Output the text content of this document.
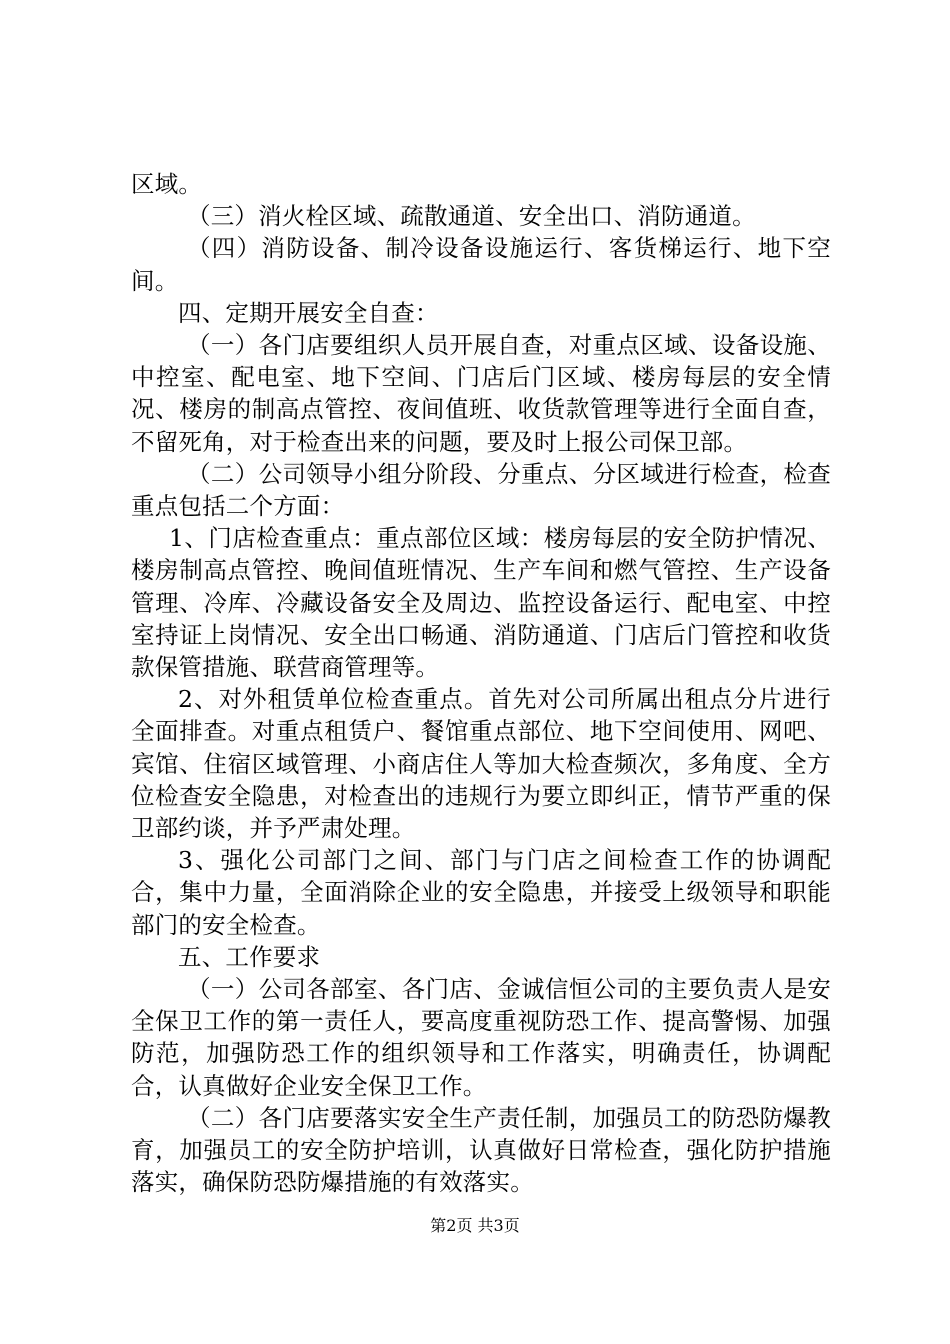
区域。

（三）消火栓区域、疏散通道、安全出口、消防通道。

（四）消防设备、制冷设备设施运行、客货梯运行、地下空间。

四、定期开展安全自查：

（一）各门店要组织人员开展自查，对重点区域、设备设施、中控室、配电室、地下空间、门店后门区域、楼房每层的安全情况、楼房的制高点管控、夜间值班、收货款管理等进行全面自查，不留死角，对于检查出来的问题，要及时上报公司保卫部。

（二）公司领导小组分阶段、分重点、分区域进行检查，检查重点包括二个方面：

1、门店检查重点：重点部位区域：楼房每层的安全防护情况、楼房制高点管控、晚间值班情况、生产车间和燃气管控、生产设备管理、冷库、冷藏设备安全及周边、监控设备运行、配电室、中控室持证上岗情况、安全出口畅通、消防通道、门店后门管控和收货款保管措施、联营商管理等。

2、对外租赁单位检查重点。首先对公司所属出租点分片进行全面排查。对重点租赁户、餐馆重点部位、地下空间使用、网吧、宾馆、住宿区域管理、小商店住人等加大检查频次，多角度、全方位检查安全隐患，对检查出的违规行为要立即纠正，情节严重的保卫部约谈，并予严肃处理。

3、强化公司部门之间、部门与门店之间检查工作的协调配合，集中力量，全面消除企业的安全隐患，并接受上级领导和职能部门的安全检查。

五、工作要求

（一）公司各部室、各门店、金诚信恒公司的主要负责人是安全保卫工作的第一责任人，要高度重视防恐工作、提高警惕、加强防范，加强防恐工作的组织领导和工作落实，明确责任，协调配合，认真做好企业安全保卫工作。

（二）各门店要落实安全生产责任制，加强员工的防恐防爆教育，加强员工的安全防护培训，认真做好日常检查，强化防护措施落实，确保防恐防爆措施的有效落实。

第2页 共3页
